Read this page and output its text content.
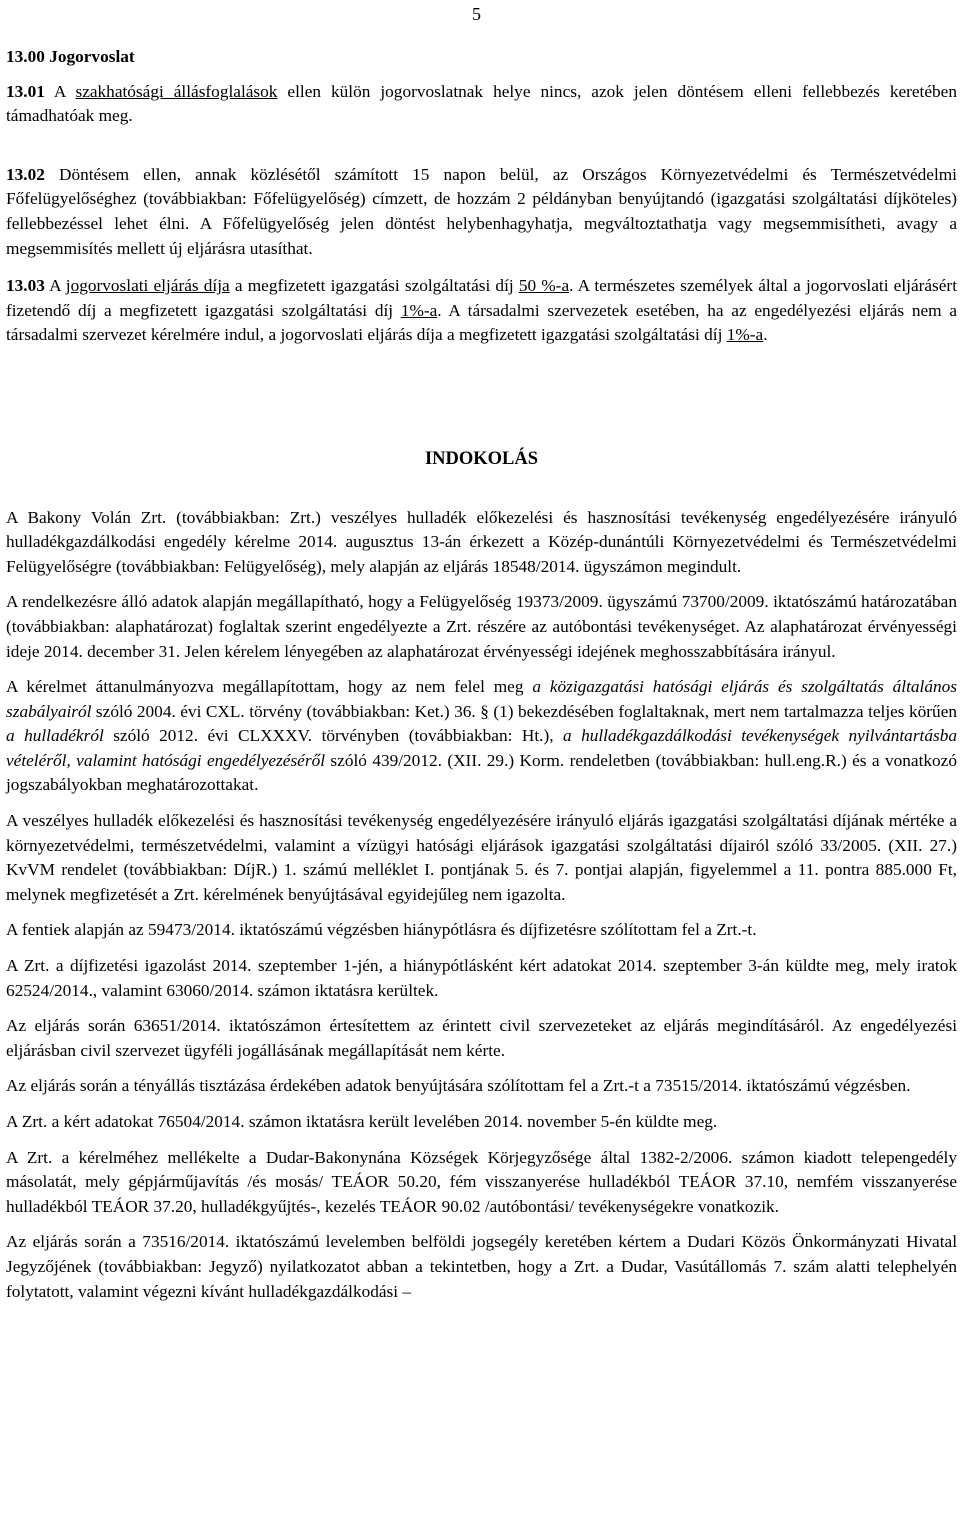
5

13.00 Jogorvoslat

13.01 A szakhatósági állásfoglalások ellen külön jogorvoslatnak helye nincs, azok jelen döntésem elleni fellebbezés keretében támadhatóak meg.

13.02 Döntésem ellen, annak közlésétől számított 15 napon belül, az Országos Környezetvédelmi és Természetvédelmi Főfelügyelőséghez (továbbiakban: Főfelügyelőség) címzett, de hozzám 2 példányban benyújtandó (igazgatási szolgáltatási díjköteles) fellebbezéssel lehet élni. A Főfelügyelőség jelen döntést helybenhagyhatja, megváltoztathatja vagy megsemmisítheti, avagy a megsemmisítés mellett új eljárásra utasíthat.

13.03 A jogorvoslati eljárás díja a megfizetett igazgatási szolgáltatási díj 50 %-a. A természetes személyek által a jogorvoslati eljárásért fizetendő díj a megfizetett igazgatási szolgáltatási díj 1%-a. A társadalmi szervezetek esetében, ha az engedélyezési eljárás nem a társadalmi szervezet kérelmére indul, a jogorvoslati eljárás díja a megfizetett igazgatási szolgáltatási díj 1%-a.

INDOKOLÁS

A Bakony Volán Zrt. (továbbiakban: Zrt.) veszélyes hulladék előkezelési és hasznosítási tevékenység engedélyezésére irányuló hulladékgazdálkodási engedély kérelme 2014. augusztus 13-án érkezett a Közép-dunántúli Környezetvédelmi és Természetvédelmi Felügyelőségre (továbbiakban: Felügyelőség), mely alapján az eljárás 18548/2014. ügyszámon megindult.

A rendelkezésre álló adatok alapján megállapítható, hogy a Felügyelőség 19373/2009. ügyszámú 73700/2009. iktatószámú határozatában (továbbiakban: alaphatározat) foglaltak szerint engedélyezte a Zrt. részére az autóbontási tevékenységet. Az alaphatározat érvényességi ideje 2014. december 31. Jelen kérelem lényegében az alaphatározat érvényességi idejének meghosszabbítására irányul.

A kérelmet áttanulmányozva megállapítottam, hogy az nem felel meg a közigazgatási hatósági eljárás és szolgáltatás általános szabályairól szóló 2004. évi CXL. törvény (továbbiakban: Ket.) 36. § (1) bekezdésében foglaltaknak, mert nem tartalmazza teljes körűen a hulladékról szóló 2012. évi CLXXXV. törvényben (továbbiakban: Ht.), a hulladékgazdálkodási tevékenységek nyilvántartásba vételéről, valamint hatósági engedélyezéséről szóló 439/2012. (XII. 29.) Korm. rendeletben (továbbiakban: hull.eng.R.) és a vonatkozó jogszabályokban meghatározottakat.

A veszélyes hulladék előkezelési és hasznosítási tevékenység engedélyezésére irányuló eljárás igazgatási szolgáltatási díjának mértéke a környezetvédelmi, természetvédelmi, valamint a vízügyi hatósági eljárások igazgatási szolgáltatási díjairól szóló 33/2005. (XII. 27.) KvVM rendelet (továbbiakban: DíjR.) 1. számú melléklet I. pontjának 5. és 7. pontjai alapján, figyelemmel a 11. pontra 885.000 Ft, melynek megfizetését a Zrt. kérelmének benyújtásával egyidejűleg nem igazolta.

A fentiek alapján az 59473/2014. iktatószámú végzésben hiánypótlásra és díjfizetésre szólítottam fel a Zrt.-t.

A Zrt. a díjfizetési igazolást 2014. szeptember 1-jén, a hiánypótlásként kért adatokat 2014. szeptember 3-án küldte meg, mely iratok 62524/2014., valamint 63060/2014. számon iktatásra kerültek.

Az eljárás során 63651/2014. iktatószámon értesítettem az érintett civil szervezeteket az eljárás megindításáról. Az engedélyezési eljárásban civil szervezet ügyféli jogállásának megállapítását nem kérte.

Az eljárás során a tényállás tisztázása érdekében adatok benyújtására szólítottam fel a Zrt.-t a 73515/2014. iktatószámú végzésben.

A Zrt. a kért adatokat 76504/2014. számon iktatásra került levelében 2014. november 5-én küldte meg.

A Zrt. a kérelméhez mellékelte a Dudar-Bakonynána Községek Körjegyzősége által 1382-2/2006. számon kiadott telepengedély másolatát, mely gépjárműjavítás /és mosás/ TEÁOR 50.20, fém visszanyerése hulladékból TEÁOR 37.10, nemfém visszanyerése hulladékból TEÁOR 37.20, hulladékgyűjtés-, kezelés TEÁOR 90.02 /autóbontási/ tevékenységekre vonatkozik.

Az eljárás során a 73516/2014. iktatószámú levelemben belföldi jogsegély keretében kértem a Dudari Közös Önkormányzati Hivatal Jegyzőjének (továbbiakban: Jegyző) nyilatkozatot abban a tekintetben, hogy a Zrt. a Dudar, Vasútállomás 7. szám alatti telephelyén folytatott, valamint végezni kívánt hulladékgazdálkodási –
